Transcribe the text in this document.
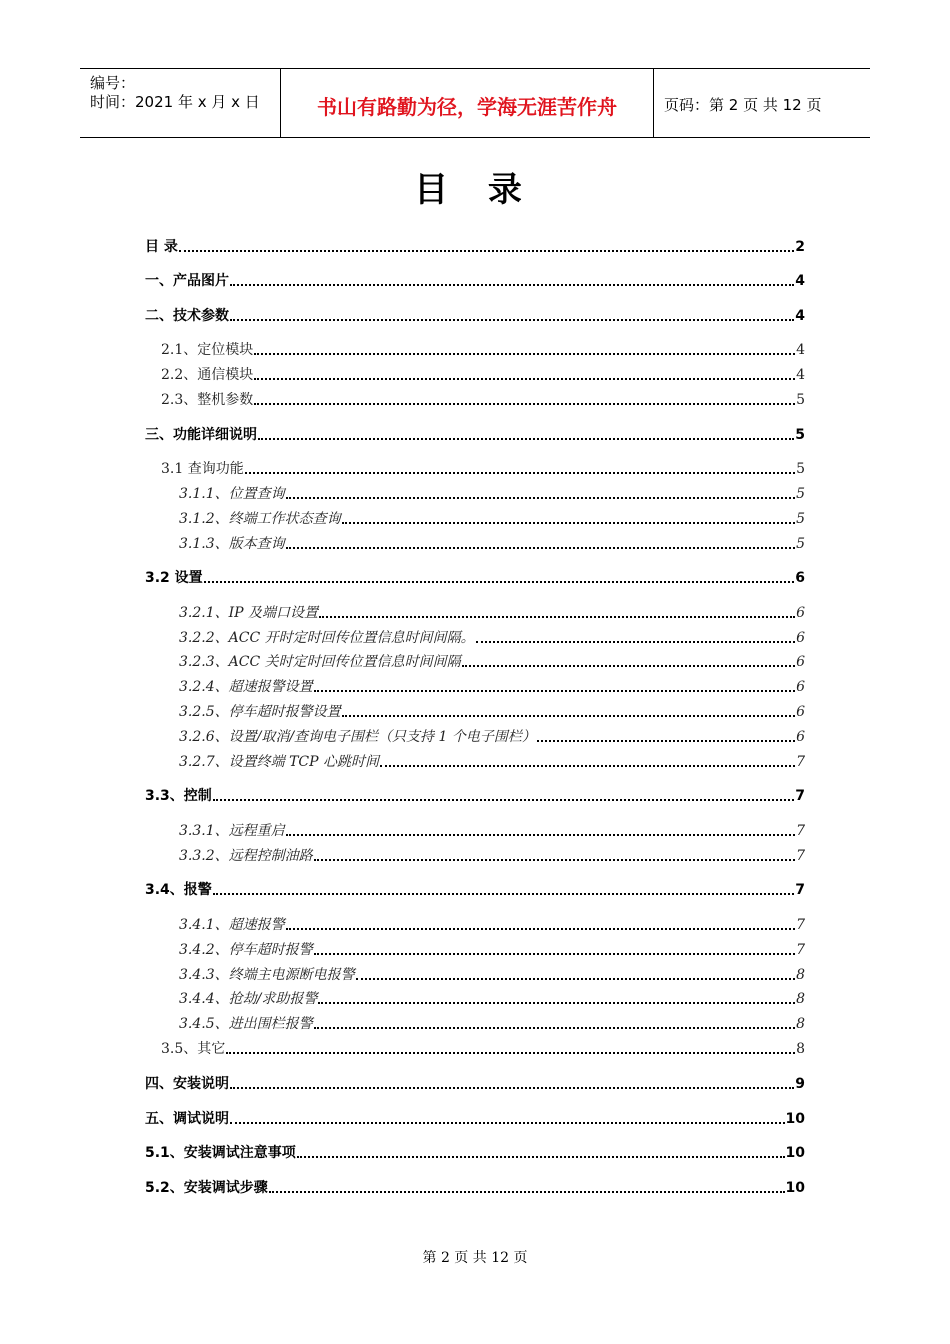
编号：
时间：2021 年 x 月 x 日	书山有路勤为径，学海无涯苦作舟	页码：第 2 页 共 12 页
目 录
目 录	2
一、产品图片	4
二、技术参数	4
2.1、定位模块	4
2.2、通信模块	4
2.3、整机参数	5
三、功能详细说明	5
3.1 查询功能	5
3.1.1、位置查询	5
3.1.2、终端工作状态查询	5
3.1.3、版本查询	5
3.2 设置	6
3.2.1、IP 及端口设置	6
3.2.2、ACC 开时定时回传位置信息时间间隔。	6
3.2.3、ACC 关时定时回传位置信息时间间隔	6
3.2.4、超速报警设置	6
3.2.5、停车超时报警设置	6
3.2.6、设置/取消/查询电子围栏（只支持 1 个电子围栏）	6
3.2.7、设置终端 TCP 心跳时间	7
3.3、控制	7
3.3.1、远程重启	7
3.3.2、远程控制油路	7
3.4、报警	7
3.4.1、超速报警	7
3.4.2、停车超时报警	7
3.4.3、终端主电源断电报警	8
3.4.4、抢劫/求助报警	8
3.4.5、进出围栏报警	8
3.5、其它	8
四、安装说明	9
五、调试说明	10
5.1、安装调试注意事项	10
5.2、安装调试步骤	10
第 2 页 共 12 页
